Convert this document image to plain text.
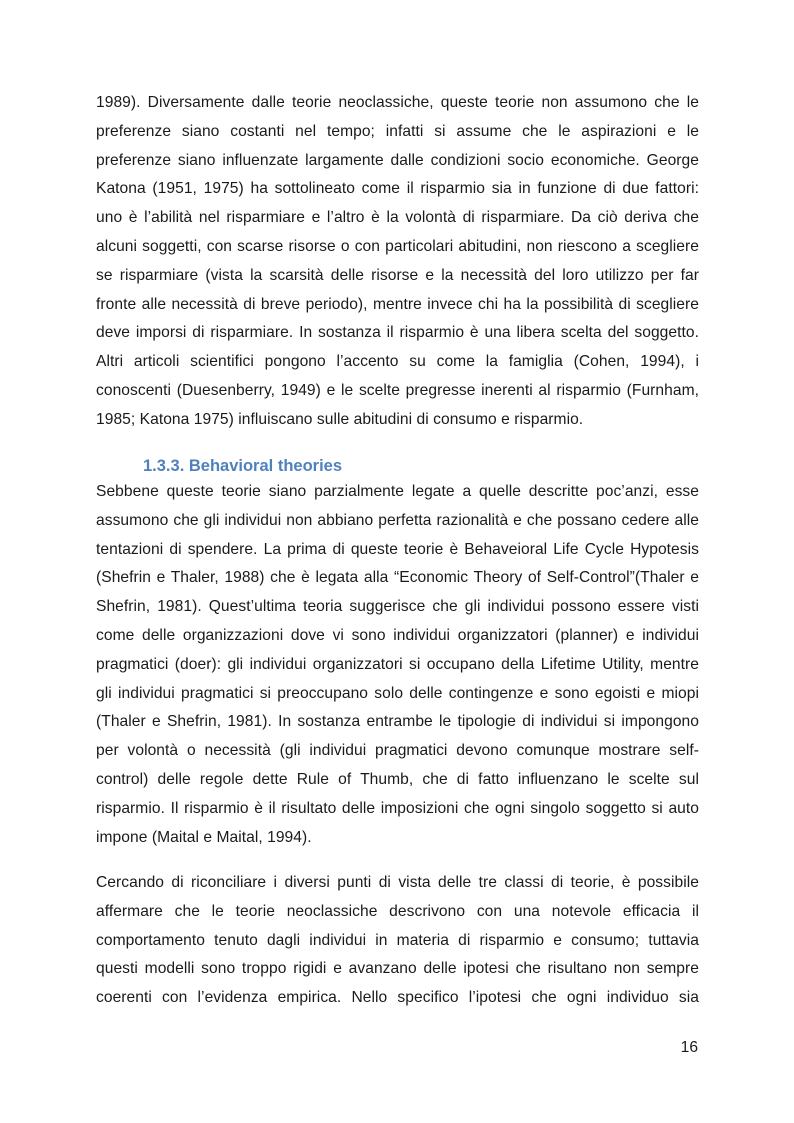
1989). Diversamente dalle teorie neoclassiche, queste teorie non assumono che le
preferenze siano costanti nel tempo; infatti si assume che le aspirazioni e le
preferenze siano influenzate largamente dalle condizioni socio economiche. George
Katona (1951, 1975) ha sottolineato come il risparmio sia in funzione di due fattori:
uno è l’abilità nel risparmiare e l’altro è la volontà di risparmiare. Da ciò deriva che
alcuni soggetti, con scarse risorse o con particolari abitudini, non riescono a scegliere
se risparmiare (vista la scarsità delle risorse e la necessità del loro utilizzo per far
fronte alle necessità di breve periodo), mentre invece chi ha la possibilità di scegliere
deve imporsi di risparmiare. In sostanza il risparmio è una libera scelta del soggetto.
Altri articoli scientifici pongono l’accento su come la famiglia (Cohen, 1994), i
conoscenti (Duesenberry, 1949) e le scelte pregresse inerenti al risparmio (Furnham,
1985; Katona 1975) influiscano sulle abitudini di consumo e risparmio.
1.3.3. Behavioral theories
Sebbene queste teorie siano parzialmente legate a quelle descritte poc’anzi, esse
assumono che gli individui non abbiano perfetta razionalità e che possano cedere alle
tentazioni di spendere. La prima di queste teorie è Behaveioral Life Cycle Hypotesis
(Shefrin e Thaler, 1988) che è legata alla “Economic Theory of Self-Control”(Thaler e
Shefrin, 1981). Quest’ultima teoria suggerisce che gli individui possono essere visti
come delle organizzazioni dove vi sono individui organizzatori (planner) e individui
pragmatici (doer): gli individui organizzatori si occupano della Lifetime Utility, mentre
gli individui pragmatici si preoccupano solo delle contingenze e sono egoisti e miopi
(Thaler e Shefrin, 1981). In sostanza entrambe le tipologie di individui si impongono
per volontà o necessità (gli individui pragmatici devono comunque mostrare self-
control) delle regole dette Rule of Thumb, che di fatto influenzano le scelte sul
risparmio. Il risparmio è il risultato delle imposizioni che ogni singolo soggetto si auto
impone (Maital e Maital, 1994).
Cercando di riconciliare i diversi punti di vista delle tre classi di teorie, è possibile
affermare che le teorie neoclassiche descrivono con una notevole efficacia il
comportamento tenuto dagli individui in materia di risparmio e consumo; tuttavia
questi modelli sono troppo rigidi e avanzano delle ipotesi che risultano non sempre
coerenti con l’evidenza empirica. Nello specifico l’ipotesi che ogni individuo sia
16
